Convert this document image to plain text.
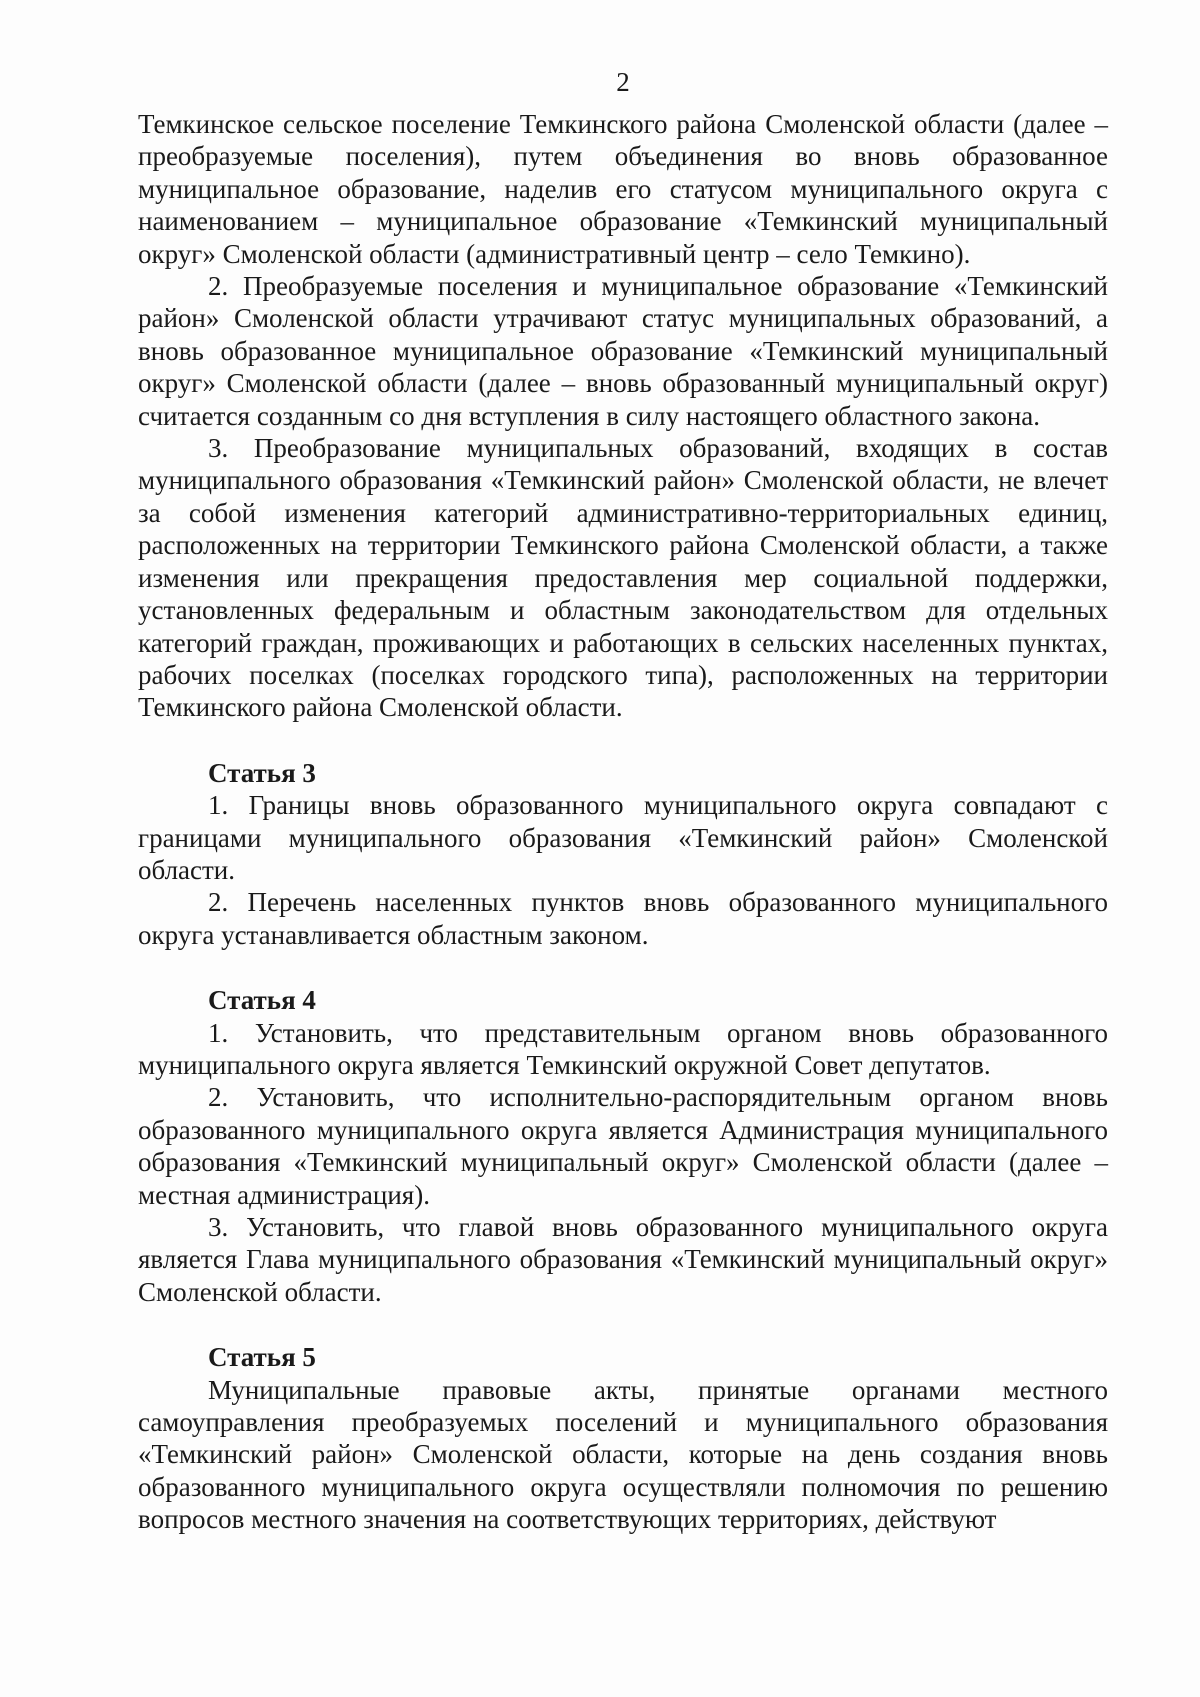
2

Темкинское сельское поселение Темкинского района Смоленской области (далее – преобразуемые поселения), путем объединения во вновь образованное муниципальное образование, наделив его статусом муниципального округа с наименованием – муниципальное образование «Темкинский муниципальный округ» Смоленской области (административный центр – село Темкино).

2. Преобразуемые поселения и муниципальное образование «Темкинский район» Смоленской области утрачивают статус муниципальных образований, а вновь образованное муниципальное образование «Темкинский муниципальный округ» Смоленской области (далее – вновь образованный муниципальный округ) считается созданным со дня вступления в силу настоящего областного закона.

3. Преобразование муниципальных образований, входящих в состав муниципального образования «Темкинский район» Смоленской области, не влечет за собой изменения категорий административно-территориальных единиц, расположенных на территории Темкинского района Смоленской области, а также изменения или прекращения предоставления мер социальной поддержки, установленных федеральным и областным законодательством для отдельных категорий граждан, проживающих и работающих в сельских населенных пунктах, рабочих поселках (поселках городского типа), расположенных на территории Темкинского района Смоленской области.

Статья 3

1. Границы вновь образованного муниципального округа совпадают с границами муниципального образования «Темкинский район» Смоленской области.

2. Перечень населенных пунктов вновь образованного муниципального округа устанавливается областным законом.

Статья 4

1. Установить, что представительным органом вновь образованного муниципального округа является Темкинский окружной Совет депутатов.

2. Установить, что исполнительно-распорядительным органом вновь образованного муниципального округа является Администрация муниципального образования «Темкинский муниципальный округ» Смоленской области (далее – местная администрация).

3. Установить, что главой вновь образованного муниципального округа является Глава муниципального образования «Темкинский муниципальный округ» Смоленской области.

Статья 5

Муниципальные правовые акты, принятые органами местного самоуправления преобразуемых поселений и муниципального образования «Темкинский район» Смоленской области, которые на день создания вновь образованного муниципального округа осуществляли полномочия по решению вопросов местного значения на соответствующих территориях, действуют
